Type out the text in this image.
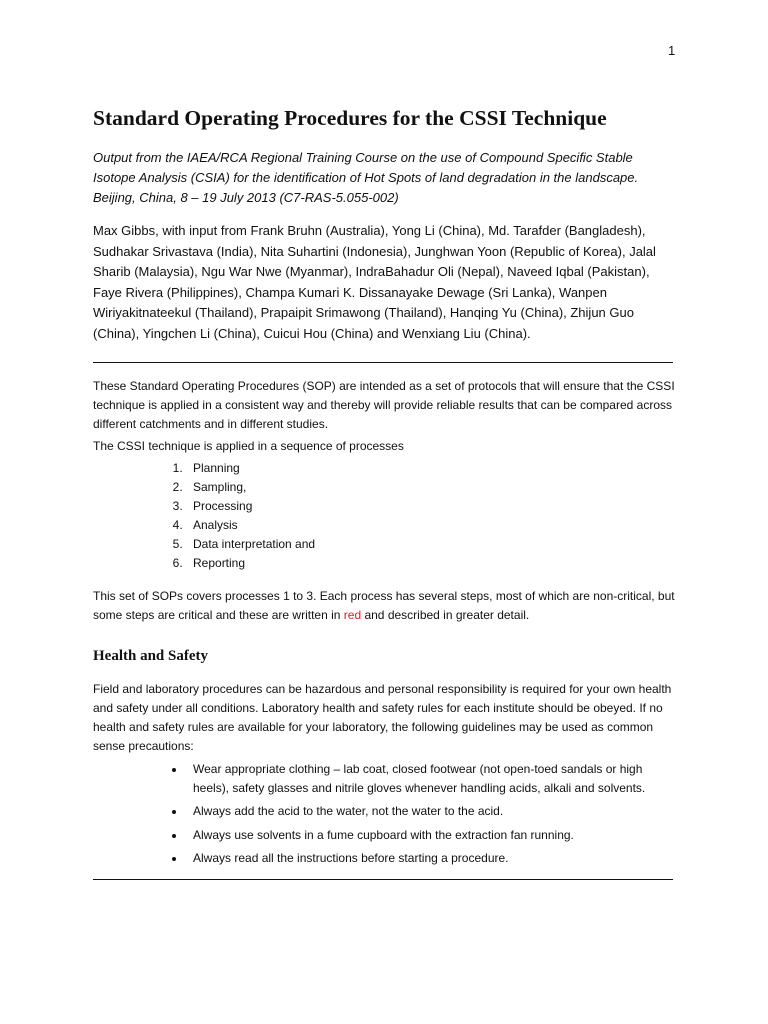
1
Standard Operating Procedures for the CSSI Technique

Output from the IAEA/RCA Regional Training Course on the use of Compound Specific Stable Isotope Analysis (CSIA) for the identification of Hot Spots of land degradation in the landscape. Beijing, China, 8 – 19 July 2013 (C7-RAS-5.055-002)

Max Gibbs, with input from Frank Bruhn (Australia), Yong Li (China), Md. Tarafder (Bangladesh), Sudhakar Srivastava (India), Nita Suhartini (Indonesia), Junghwan Yoon (Republic of Korea), Jalal Sharib (Malaysia), Ngu War Nwe (Myanmar), IndraBahadur Oli (Nepal), Naveed Iqbal (Pakistan), Faye Rivera (Philippines), Champa Kumari K. Dissanayake Dewage (Sri Lanka), Wanpen Wiriyakitnateekul (Thailand), Prapaipit Srimawong (Thailand), Hanqing Yu (China), Zhijun Guo (China), Yingchen Li (China), Cuicui Hou (China) and Wenxiang Liu (China).

These Standard Operating Procedures (SOP) are intended as a set of protocols that will ensure that the CSSI technique is applied in a consistent way and thereby will provide reliable results that can be compared across different catchments and in different studies.

The CSSI technique is applied in a sequence of processes

1. Planning
2. Sampling,
3. Processing
4. Analysis
5. Data interpretation and
6. Reporting

This set of SOPs covers processes 1 to 3. Each process has several steps, most of which are non-critical, but some steps are critical and these are written in red and described in greater detail.

Health and Safety

Field and laboratory procedures can be hazardous and personal responsibility is required for your own health and safety under all conditions. Laboratory health and safety rules for each institute should be obeyed. If no health and safety rules are available for your laboratory, the following guidelines may be used as common sense precautions:

• Wear appropriate clothing – lab coat, closed footwear (not open-toed sandals or high heels), safety glasses and nitrile gloves whenever handling acids, alkali and solvents.
• Always add the acid to the water, not the water to the acid.
• Always use solvents in a fume cupboard with the extraction fan running.
• Always read all the instructions before starting a procedure.
